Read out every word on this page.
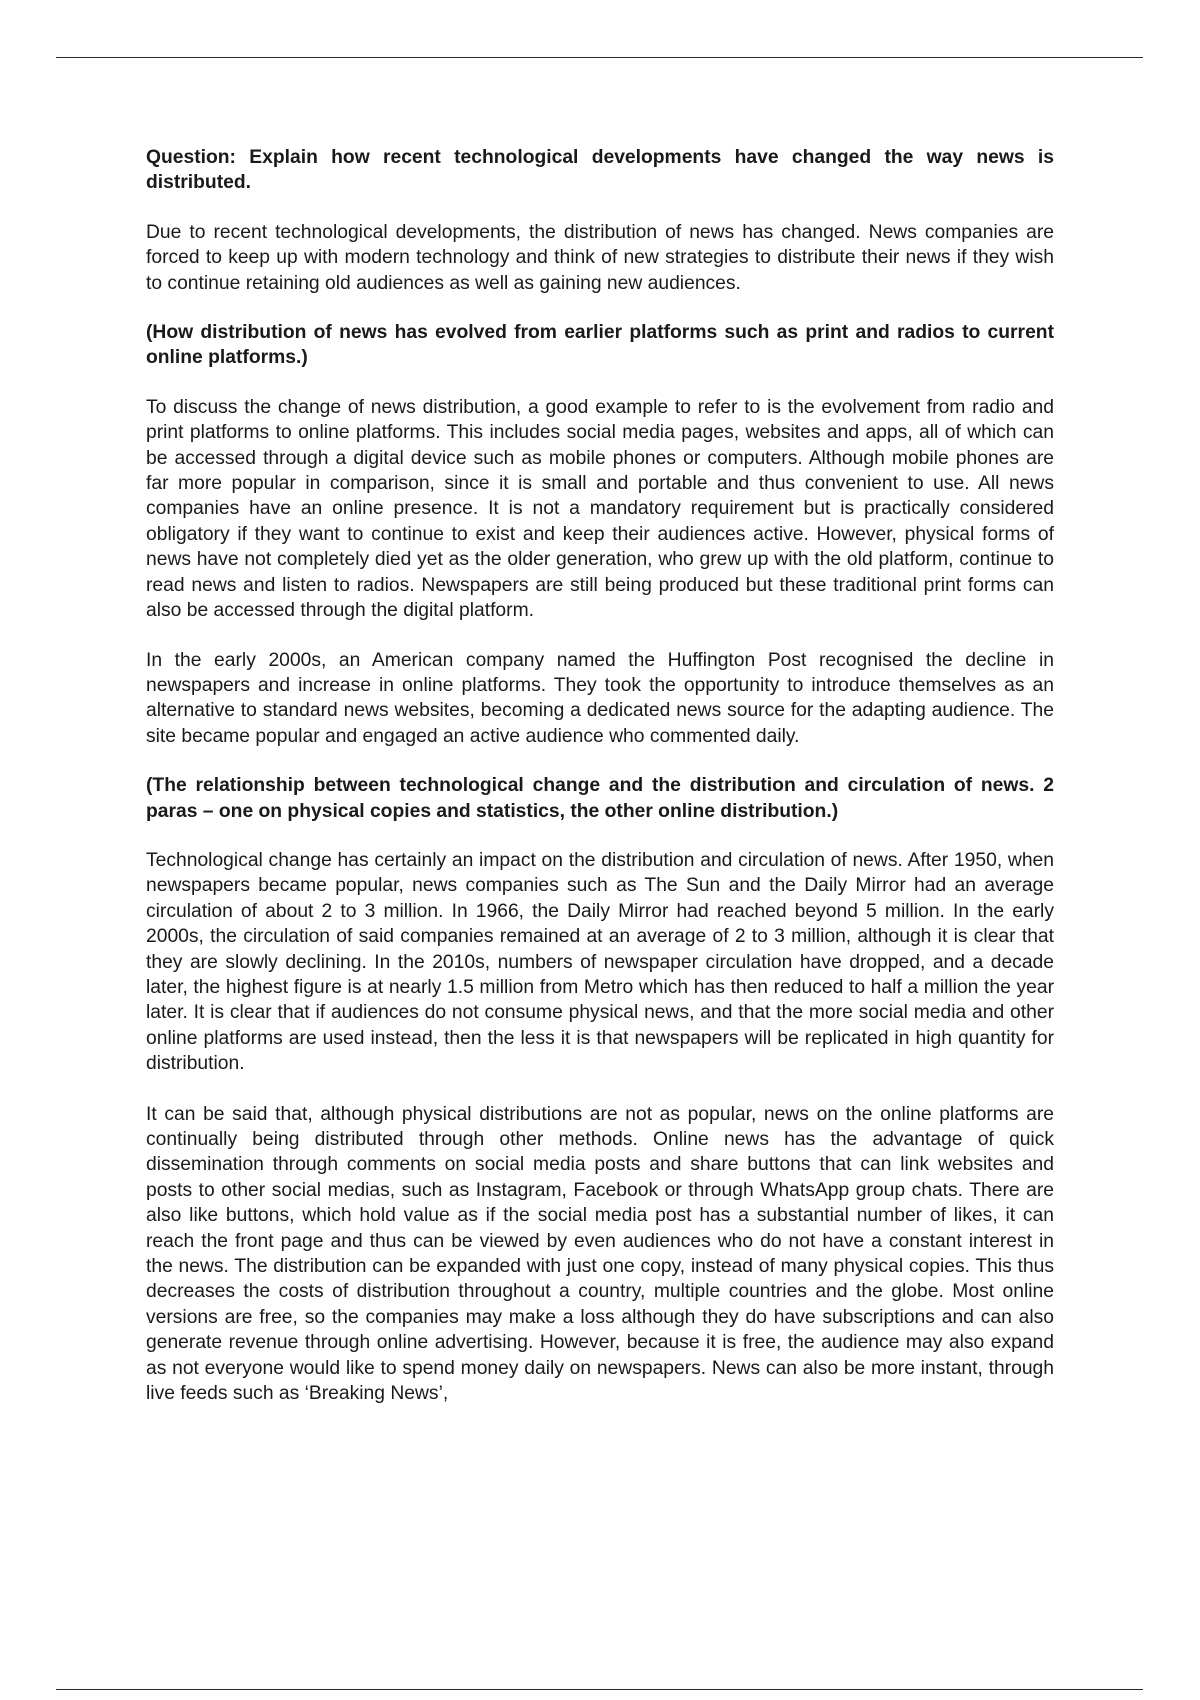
Question: Explain how recent technological developments have changed the way news is distributed.

Due to recent technological developments, the distribution of news has changed. News companies are forced to keep up with modern technology and think of new strategies to distribute their news if they wish to continue retaining old audiences as well as gaining new audiences.

(How distribution of news has evolved from earlier platforms such as print and radios to current online platforms.)

To discuss the change of news distribution, a good example to refer to is the evolvement from radio and print platforms to online platforms. This includes social media pages, websites and apps, all of which can be accessed through a digital device such as mobile phones or computers. Although mobile phones are far more popular in comparison, since it is small and portable and thus convenient to use. All news companies have an online presence. It is not a mandatory requirement but is practically considered obligatory if they want to continue to exist and keep their audiences active. However, physical forms of news have not completely died yet as the older generation, who grew up with the old platform, continue to read news and listen to radios. Newspapers are still being produced but these traditional print forms can also be accessed through the digital platform.

In the early 2000s, an American company named the Huffington Post recognised the decline in newspapers and increase in online platforms. They took the opportunity to introduce themselves as an alternative to standard news websites, becoming a dedicated news source for the adapting audience. The site became popular and engaged an active audience who commented daily.

(The relationship between technological change and the distribution and circulation of news. 2 paras – one on physical copies and statistics, the other online distribution.)

Technological change has certainly an impact on the distribution and circulation of news. After 1950, when newspapers became popular, news companies such as The Sun and the Daily Mirror had an average circulation of about 2 to 3 million. In 1966, the Daily Mirror had reached beyond 5 million. In the early 2000s, the circulation of said companies remained at an average of 2 to 3 million, although it is clear that they are slowly declining. In the 2010s, numbers of newspaper circulation have dropped, and a decade later, the highest figure is at nearly 1.5 million from Metro which has then reduced to half a million the year later. It is clear that if audiences do not consume physical news, and that the more social media and other online platforms are used instead, then the less it is that newspapers will be replicated in high quantity for distribution.

It can be said that, although physical distributions are not as popular, news on the online platforms are continually being distributed through other methods. Online news has the advantage of quick dissemination through comments on social media posts and share buttons that can link websites and posts to other social medias, such as Instagram, Facebook or through WhatsApp group chats. There are also like buttons, which hold value as if the social media post has a substantial number of likes, it can reach the front page and thus can be viewed by even audiences who do not have a constant interest in the news. The distribution can be expanded with just one copy, instead of many physical copies. This thus decreases the costs of distribution throughout a country, multiple countries and the globe. Most online versions are free, so the companies may make a loss although they do have subscriptions and can also generate revenue through online advertising. However, because it is free, the audience may also expand as not everyone would like to spend money daily on newspapers. News can also be more instant, through live feeds such as ‘Breaking News’,
